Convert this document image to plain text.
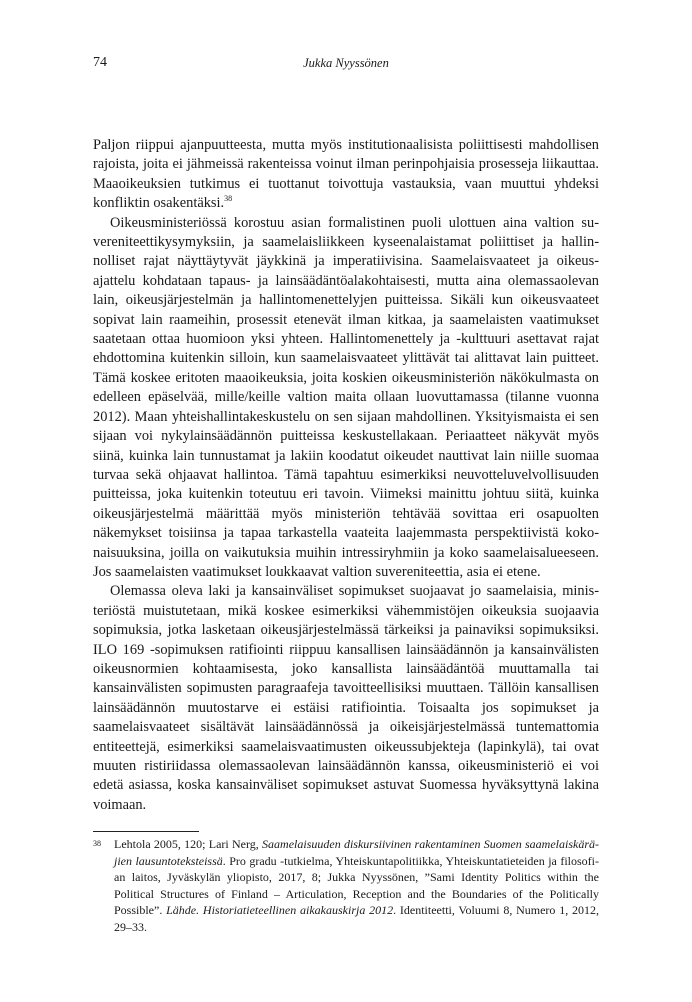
74	Jukka Nyyssönen

Paljon riippui ajanpuutteesta, mutta myös institutionaalisista poliittisesti mahdollisen rajoista, joita ei jähmeissä rakenteissa voinut ilman perinpohjaisia prosesseja liikauttaa. Maaoikeuksien tutkimus ei tuottanut toivottuja vastauksia, vaan muuttui yhdeksi konfliktin osakentäksi.$^{38}$

Oikeusministeriössä korostuu asian formalistinen puoli ulottuen aina valtion suvereniteettikysymyksiin, ja saamelaisliikkeen kyseenalaistamat poliittiset ja hallinnolliset rajat näyttäytyvät jäykkinä ja imperatiivisina. Saamelaisvaateet ja oikeusajattelu kohdataan tapaus- ja lainsäädäntöalakohtaisesti, mutta aina olemassaolevan lain, oikeusjärjestelmän ja hallintomenettelyjen puitteissa. Sikäli kun oikeusvaateet sopivat lain raameihin, prosessit etenevät ilman kitkaa, ja saamelaisten vaatimukset saatetaan ottaa huomioon yksi yhteen. Hallintomenettely ja -kulttuuri asettavat rajat ehdottomina kuitenkin silloin, kun saamelaisvaateet ylittävät tai alittavat lain puitteet. Tämä koskee eritoten maaoikeuksia, joita koskien oikeusministeriön näkökulmasta on edelleen epäselvää, mille/keille valtion maita ollaan luovuttamassa (tilanne vuonna 2012). Maan yhteishallintakeskustelu on sen sijaan mahdollinen. Yksityismaista ei sen sijaan voi nykylainsäädännön puitteissa keskustellakaan. Periaatteet näkyvät myös siinä, kuinka lain tunnustamat ja lakiin koodatut oikeudet nauttivat lain niille suomaa turvaa sekä ohjaavat hallintoa. Tämä tapahtuu esimerkiksi neuvotteluvelvollisuuden puitteissa, joka kuitenkin toteutuu eri tavoin. Viimeksi mainittu johtuu siitä, kuinka oikeusjärjestelmä määrittää myös ministeriön tehtävää sovittaa eri osapuolten näkemykset toisiinsa ja tapaa tarkastella vaateita laajemmasta perspektiivistä kokonaisuuksina, joilla on vaikutuksia muihin intressiryhmiin ja koko saamelaisalueeseen. Jos saamelaisten vaatimukset loukkaavat valtion suvereniteettia, asia ei etene.

Olemassa oleva laki ja kansainväliset sopimukset suojaavat jo saamelaisia, ministeriöstä muistutetaan, mikä koskee esimerkiksi vähemmistöjen oikeuksia suojaavia sopimuksia, jotka lasketaan oikeusjärjestelmässä tärkeiksi ja painaviksi sopimuksiksi. ILO 169 -sopimuksen ratifiointi riippuu kansallisen lainsäädännön ja kansainvälisten oikeusnormien kohtaamisesta, joko kansallista lainsäädäntöä muuttamalla tai kansainvälisten sopimusten paragraafeja tavoitteellisiksi muuttaen. Tällöin kansallisen lainsäädännön muutostarve ei estäisi ratifiointia. Toisaalta jos sopimukset ja saamelaisvaateet sisältävät lainsäädännössä ja oikeisjärjestelmässä tuntemattomia entiteettejä, esimerkiksi saamelaisvaatimusten oikeussubjekteja (lapinkylä), tai ovat muuten ristiriidassa olemassaolevan lainsäädännön kanssa, oikeusministeriö ei voi edetä asiassa, koska kansainväliset sopimukset astuvat Suomessa hyväksyttynä lakina voimaan.

38 Lehtola 2005, 120; Lari Nerg, Saamelaisuuden diskursiivinen rakentaminen Suomen saamelaiskäräjien lausuntoteksteissä. Pro gradu -tutkielma, Yhteiskuntapolitiikka, Yhteiskuntatieteiden ja filosofian laitos, Jyväskylän yliopisto, 2017, 8; Jukka Nyyssönen, ”Sami Identity Politics within the Political Structures of Finland – Articulation, Reception and the Boundaries of the Politically Possible”. Lähde. Historiatieteellinen aikakauskirja 2012. Identiteetti, Voluumi 8, Numero 1, 2012, 29–33.
